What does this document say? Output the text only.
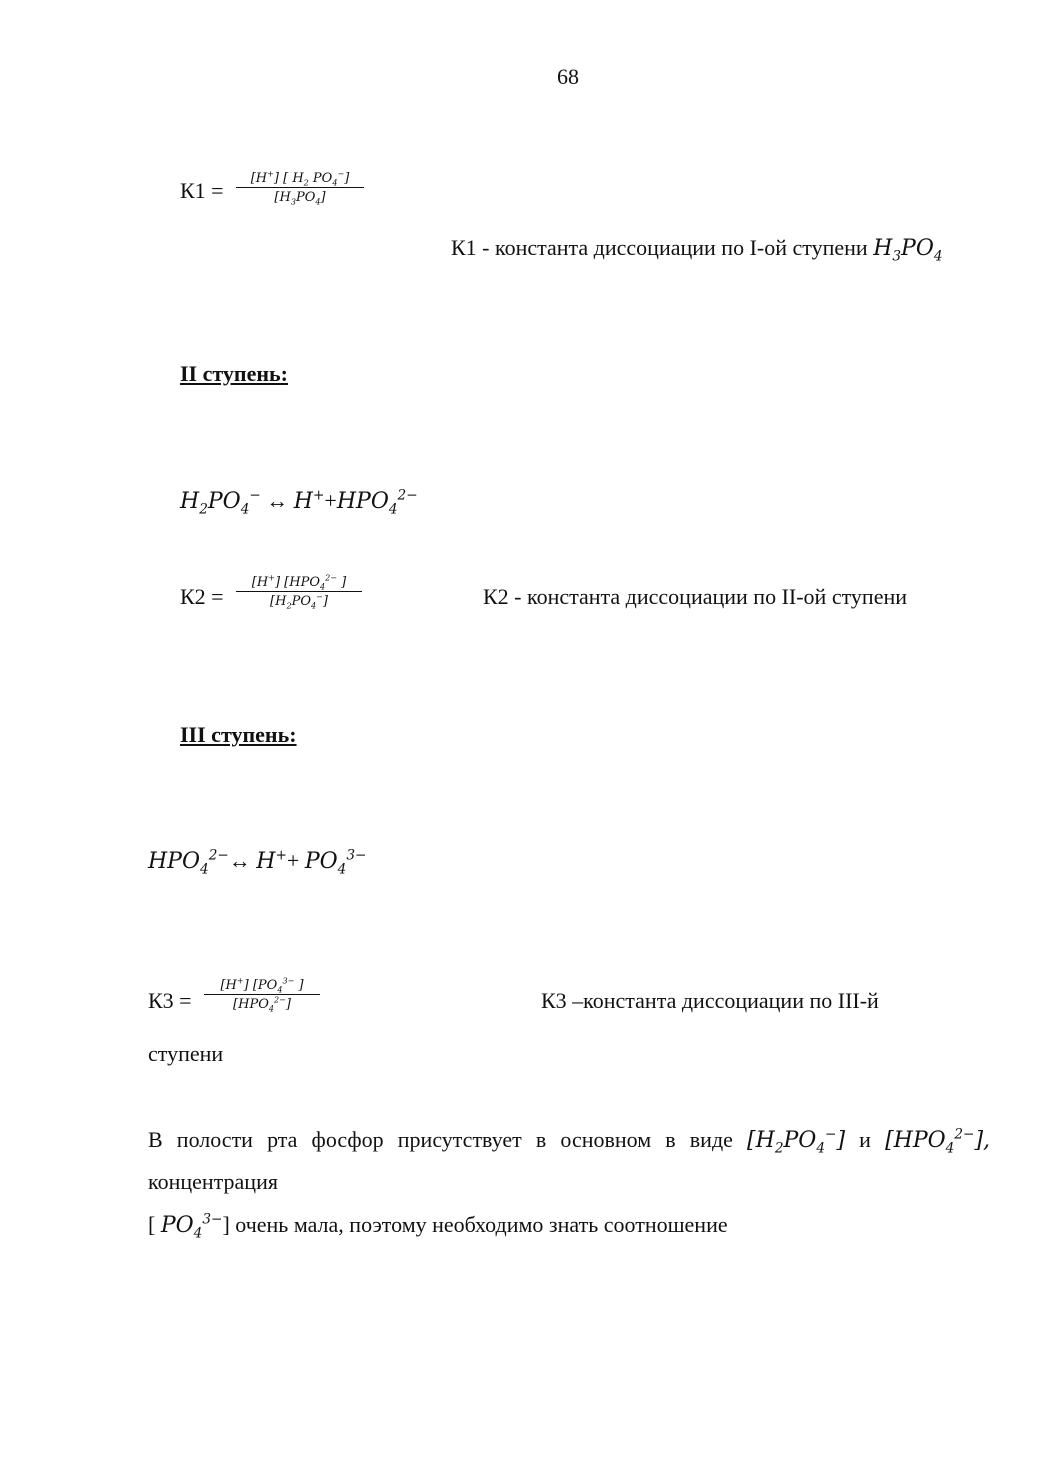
68
$К1 = \frac{[H^+] [ H_2 PO_4^-]}{[H_3PO_4]}$
К1 - константа диссоциации по I-ой ступени $H_3PO_4$
II ступень:
$H_2PO_4^-$ ↔ $H^++HPO_4^{2-}$
К2 =
[H+] [$HPO_4^{2-}$ ]
$[H_2PO_4^-]$	К2 - константа диссоциации по II-ой ступени
III ступень:
$HPO_4^{2-}\leftrightarrow$ $H^++ PO_4^{3-}$
К3 =
[H+] [$PO_4^{3-}$ ]
$[HPO_4^{2-}]$	К3 –константа диссоциации по III-й
ступени
В полости рта фосфор присутствует в основном в виде $[H_2PO_4^-]$ и $[HPO_4^{2-}]$,
концентрация
[ $PO_4^{3-}$] очень мала, поэтому необходимо знать соотношение
